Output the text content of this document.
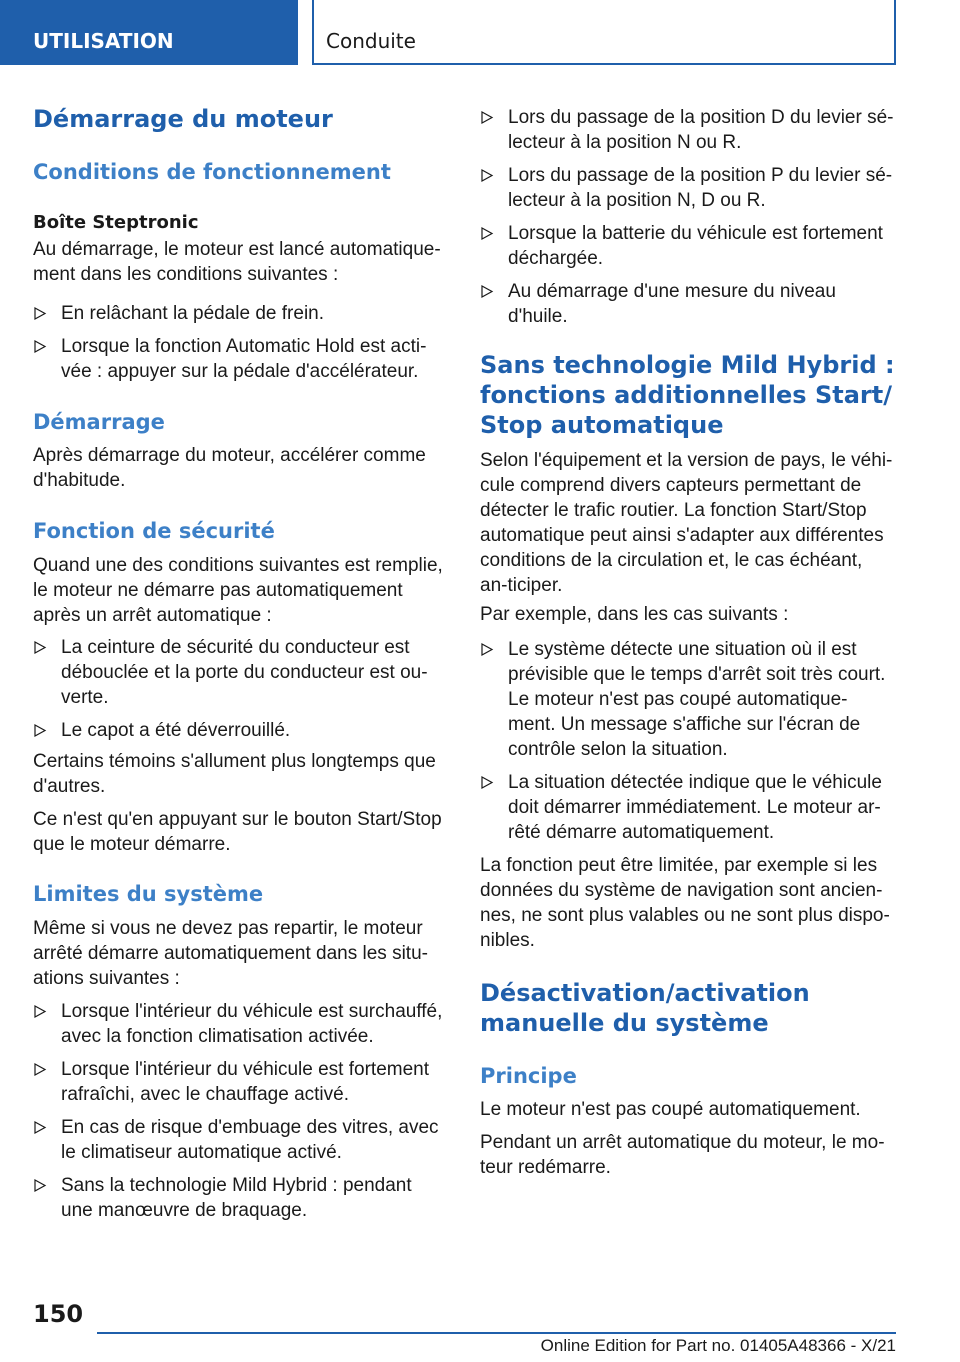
UTILISATION	Conduite
Démarrage du moteur
Conditions de fonctionnement
Boîte Steptronic
Au démarrage, le moteur est lancé automatique‐ment dans les conditions suivantes :
En relâchant la pédale de frein.
Lorsque la fonction Automatic Hold est acti‐vée : appuyer sur la pédale d'accélérateur.
Démarrage
Après démarrage du moteur, accélérer comme d'habitude.
Fonction de sécurité
Quand une des conditions suivantes est remplie, le moteur ne démarre pas automatiquement après un arrêt automatique :
La ceinture de sécurité du conducteur est débouclée et la porte du conducteur est ou‐verte.
Le capot a été déverrouillé.
Certains témoins s'allument plus longtemps que d'autres.
Ce n'est qu'en appuyant sur le bouton Start/Stop que le moteur démarre.
Limites du système
Même si vous ne devez pas repartir, le moteur arrêté démarre automatiquement dans les situ‐ations suivantes :
Lorsque l'intérieur du véhicule est surchauffé, avec la fonction climatisation activée.
Lorsque l'intérieur du véhicule est fortement rafraîchi, avec le chauffage activé.
En cas de risque d'embuage des vitres, avec le climatiseur automatique activé.
Sans la technologie Mild Hybrid : pendant une manœuvre de braquage.
Lors du passage de la position D du levier sé‐lecteur à la position N ou R.
Lors du passage de la position P du levier sé‐lecteur à la position N, D ou R.
Lorsque la batterie du véhicule est fortement déchargée.
Au démarrage d'une mesure du niveau d'huile.
Sans technologie Mild Hybrid : fonctions additionnelles Start/ Stop automatique
Selon l'équipement et la version de pays, le véhi‐cule comprend divers capteurs permettant de détecter le trafic routier. La fonction Start/Stop automatique peut ainsi s'adapter aux différentes conditions de la circulation et, le cas échéant, an‐ticiper.
Par exemple, dans les cas suivants :
Le système détecte une situation où il est prévisible que le temps d'arrêt soit très court. Le moteur n'est pas coupé automatique‐ment. Un message s'affiche sur l'écran de contrôle selon la situation.
La situation détectée indique que le véhicule doit démarrer immédiatement. Le moteur ar‐rêté démarre automatiquement.
La fonction peut être limitée, par exemple si les données du système de navigation sont ancien‐nes, ne sont plus valables ou ne sont plus dispo‐nibles.
Désactivation/activation manuelle du système
Principe
Le moteur n'est pas coupé automatiquement.
Pendant un arrêt automatique du moteur, le mo‐teur redémarre.
150
Online Edition for Part no. 01405A48366 - X/21
